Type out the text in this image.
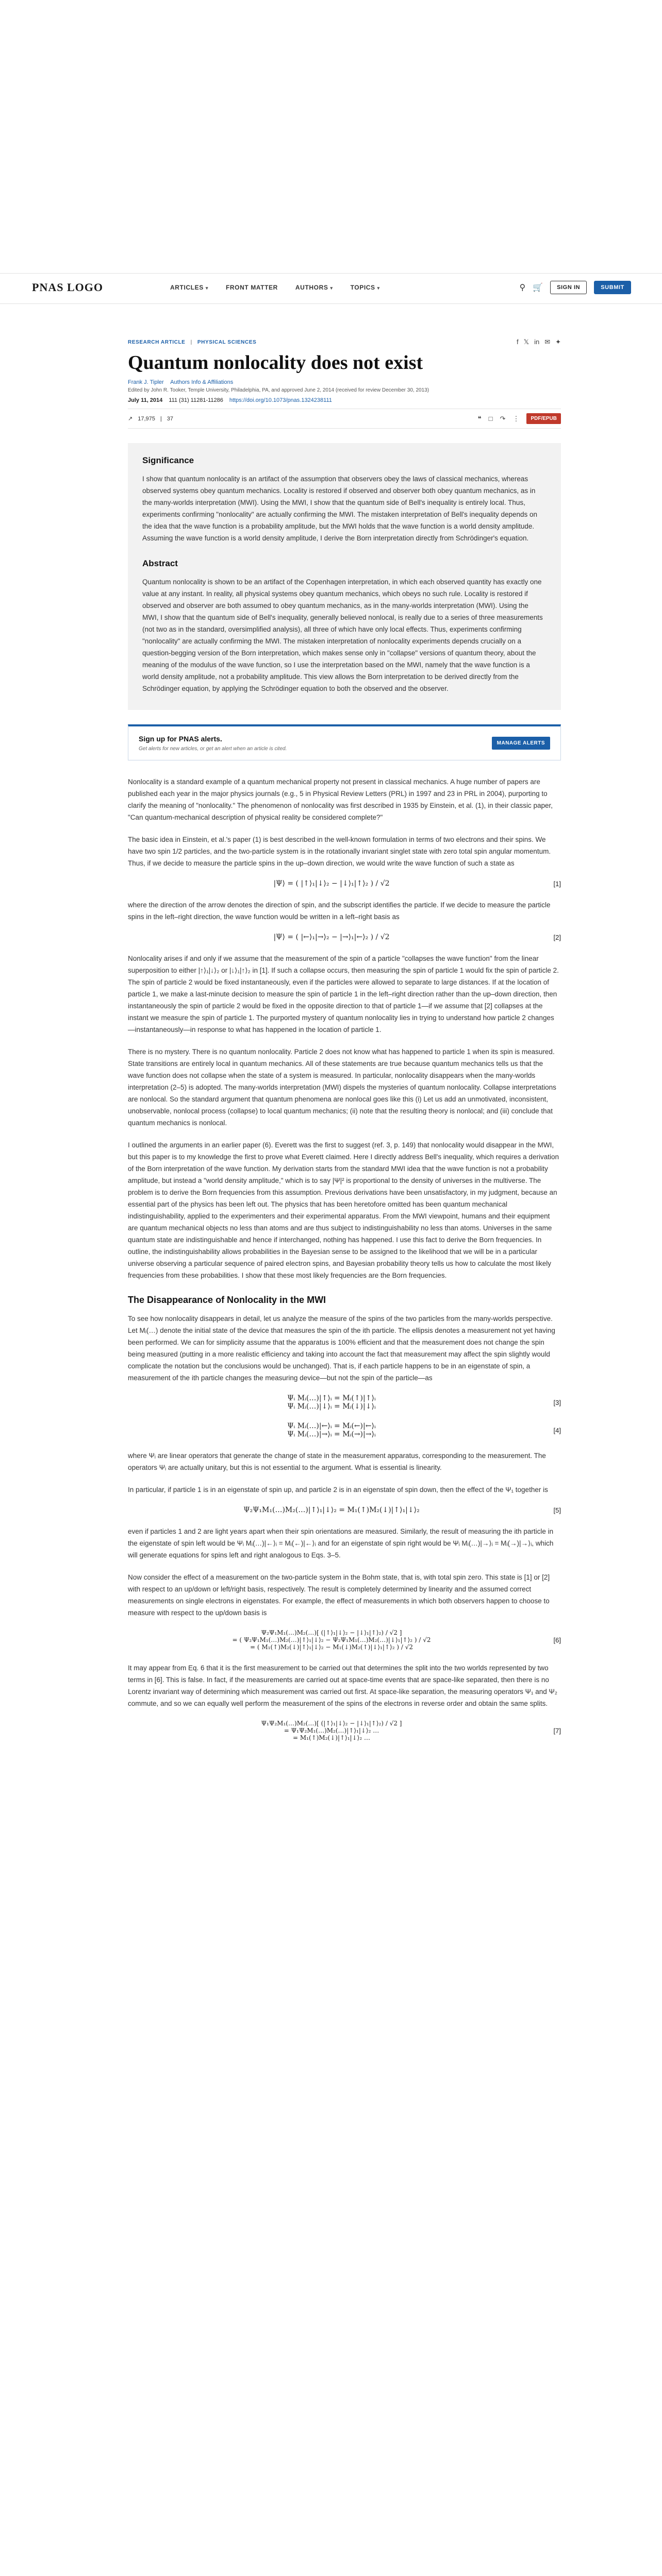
PNAS LOGO	ARTICLES ▾	FRONT MATTER	AUTHORS ▾	TOPICS ▾	⚲ 🛒	SIGN IN	SUBMIT
RESEARCH ARTICLE | PHYSICAL SCIENCES	f 𝕏 in ✉ ✦
Quantum nonlocality does not exist
Frank J. Tipler Authors Info & Affiliations
Edited by John R. Tooker, Temple University, Philadelphia, PA, and approved June 2, 2014 (received for review December 30, 2013)
July 11, 2014 111 (31) 11281-11286 https://doi.org/10.1073/pnas.1324238111
↗ 17,975 | 37	❝ □ ↷ ⋮	PDF/EPUB
Significance

I show that quantum nonlocality is an artifact of the assumption that observers obey the laws of classical mechanics, whereas observed systems obey quantum mechanics. Locality is restored if observed and observer both obey quantum mechanics, as in the many-worlds interpretation (MWI). Using the MWI, I show that the quantum side of Bell's inequality is entirely local. Thus, experiments confirming "nonlocality" are actually confirming the MWI. The mistaken interpretation of Bell's inequality depends on the idea that the wave function is a probability amplitude, but the MWI holds that the wave function is a world density amplitude. Assuming the wave function is a world density amplitude, I derive the Born interpretation directly from Schrödinger's equation.

Abstract

Quantum nonlocality is shown to be an artifact of the Copenhagen interpretation, in which each observed quantity has exactly one value at any instant. In reality, all physical systems obey quantum mechanics, which obeys no such rule. Locality is restored if observed and observer are both assumed to obey quantum mechanics, as in the many-worlds interpretation (MWI). Using the MWI, I show that the quantum side of Bell's inequality, generally believed nonlocal, is really due to a series of three measurements (not two as in the standard, oversimplified analysis), all three of which have only local effects. Thus, experiments confirming "nonlocality" are actually confirming the MWI. The mistaken interpretation of nonlocality experiments depends crucially on a question-begging version of the Born interpretation, which makes sense only in "collapse" versions of quantum theory, about the meaning of the modulus of the wave function, so I use the interpretation based on the MWI, namely that the wave function is a world density amplitude, not a probability amplitude. This view allows the Born interpretation to be derived directly from the Schrödinger equation, by applying the Schrödinger equation to both the observed and the observer.

Sign up for PNAS alerts.
Get alerts for new articles, or get an alert when an article is cited.
MANAGE ALERTS

Nonlocality is a standard example of a quantum mechanical property not present in classical mechanics. A huge number of papers are published each year in the major physics journals (e.g., 5 in Physical Review Letters (PRL) in 1997 and 23 in PRL in 2004), purporting to clarify the meaning of "nonlocality." The phenomenon of nonlocality was first described in 1935 by Einstein, et al. (1), in their classic paper, "Can quantum-mechanical description of physical reality be considered complete?"

The basic idea in Einstein, et al.'s paper (1) is best described in the well-known formulation in terms of two electrons and their spins. We have two spin 1/2 particles, and the two-particle system is in the rotationally invariant singlet state with zero total spin angular momentum. Thus, if we decide to measure the particle spins in the up–down direction, we would write the wave function of such a state as

|Ψ⟩ = ( |↑⟩₁|↓⟩₂ − |↓⟩₁|↑⟩₂ ) / √2	[1]

where the direction of the arrow denotes the direction of spin, and the subscript identifies the particle. If we decide to measure the particle spins in the left–right direction, the wave function would be written in a left–right basis as

|Ψ⟩ = ( |←⟩₁|→⟩₂ − |→⟩₁|←⟩₂ ) / √2	[2]

Nonlocality arises if and only if we assume that the measurement of the spin of a particle "collapses the wave function" from the linear superposition to either |↑⟩₁|↓⟩₂ or |↓⟩₁|↑⟩₂ in [1]. If such a collapse occurs, then measuring the spin of particle 1 would fix the spin of particle 2. The spin of particle 2 would be fixed instantaneously, even if the particles were allowed to separate to large distances. If at the location of particle 1, we make a last-minute decision to measure the spin of particle 1 in the left–right direction rather than the up–down direction, then instantaneously the spin of particle 2 would be fixed in the opposite direction to that of particle 1—if we assume that [2] collapses at the instant we measure the spin of particle 1. The purported mystery of quantum nonlocality lies in trying to understand how particle 2 changes—instantaneously—in response to what has happened in the location of particle 1.

There is no mystery. There is no quantum nonlocality. Particle 2 does not know what has happened to particle 1 when its spin is measured. State transitions are entirely local in quantum mechanics. All of these statements are true because quantum mechanics tells us that the wave function does not collapse when the state of a system is measured. In particular, nonlocality disappears when the many-worlds interpretation (2–5) is adopted. The many-worlds interpretation (MWI) dispels the mysteries of quantum nonlocality. Collapse interpretations are nonlocal. So the standard argument that quantum phenomena are nonlocal goes like this (i) Let us add an unmotivated, inconsistent, unobservable, nonlocal process (collapse) to local quantum mechanics; (ii) note that the resulting theory is nonlocal; and (iii) conclude that quantum mechanics is nonlocal.

I outlined the arguments in an earlier paper (6). Everett was the first to suggest (ref. 3, p. 149) that nonlocality would disappear in the MWI, but this paper is to my knowledge the first to prove what Everett claimed. Here I directly address Bell's inequality, which requires a derivation of the Born interpretation of the wave function. My derivation starts from the standard MWI idea that the wave function is not a probability amplitude, but instead a "world density amplitude," which is to say |Ψ|² is proportional to the density of universes in the multiverse. The problem is to derive the Born frequencies from this assumption. Previous derivations have been unsatisfactory, in my judgment, because an essential part of the physics has been left out. The physics that has been heretofore omitted has been quantum mechanical indistinguishability, applied to the experimenters and their experimental apparatus. From the MWI viewpoint, humans and their equipment are quantum mechanical objects no less than atoms and are thus subject to indistinguishability no less than atoms. Universes in the same quantum state are indistinguishable and hence if interchanged, nothing has happened. I use this fact to derive the Born frequencies. In outline, the indistinguishability allows probabilities in the Bayesian sense to be assigned to the likelihood that we will be in a particular universe observing a particular sequence of paired electron spins, and Bayesian probability theory tells us how to calculate the most likely frequencies from these probabilities. I show that these most likely frequencies are the Born frequencies.

The Disappearance of Nonlocality in the MWI

To see how nonlocality disappears in detail, let us analyze the measure of the spins of the two particles from the many-worlds perspective. Let Mᵢ(…) denote the initial state of the device that measures the spin of the ith particle. The ellipsis denotes a measurement not yet having been performed. We can for simplicity assume that the apparatus is 100% efficient and that the measurement does not change the spin being measured (putting in a more realistic efficiency and taking into account the fact that measurement may affect the spin slightly would complicate the notation but the conclusions would be unchanged). That is, if each particle happens to be in an eigenstate of spin, a measurement of the ith particle changes the measuring device—but not the spin of the particle—as

Ψᵢ Mᵢ(…)|↑⟩ᵢ = Mᵢ(↑)|↑⟩ᵢ
Ψᵢ Mᵢ(…)|↓⟩ᵢ = Mᵢ(↓)|↓⟩ᵢ	[3]
Ψᵢ Mᵢ(…)|←⟩ᵢ = Mᵢ(←)|←⟩ᵢ
Ψᵢ Mᵢ(…)|→⟩ᵢ = Mᵢ(→)|→⟩ᵢ	[4]

where Ψᵢ are linear operators that generate the change of state in the measurement apparatus, corresponding to the measurement. The operators Ψᵢ are actually unitary, but this is not essential to the argument. What is essential is linearity.

In particular, if particle 1 is in an eigenstate of spin up, and particle 2 is in an eigenstate of spin down, then the effect of the Ψ₁ together is

Ψ₂Ψ₁M₁(…)M₂(…)|↑⟩₁|↓⟩₂ = M₁(↑)M₂(↓)|↑⟩₁|↓⟩₂	[5]

even if particles 1 and 2 are light years apart when their spin orientations are measured. Similarly, the result of measuring the ith particle in the eigenstate of spin left would be Ψᵢ Mᵢ(…)|←⟩ᵢ = Mᵢ(←)|←⟩ᵢ and for an eigenstate of spin right would be Ψᵢ Mᵢ(…)|→⟩ᵢ = Mᵢ(→)|→⟩ᵢ, which will generate equations for spins left and right analogous to Eqs. 3–5.

Now consider the effect of a measurement on the two-particle system in the Bohm state, that is, with total spin zero. This state is [1] or [2] with respect to an up/down or left/right basis, respectively. The result is completely determined by linearity and the assumed correct measurements on single electrons in eigenstates. For example, the effect of measurements in which both observers happen to choose to measure with respect to the up/down basis is

Ψ₂Ψ₁M₁(…)M₂(…)[ (|↑⟩₁|↓⟩₂ − |↓⟩₁|↑⟩₂) / √2 ]
= ( Ψ₂Ψ₁M₁(…)M₂(…)|↑⟩₁|↓⟩₂ − Ψ₂Ψ₁M₁(…)M₂(…)|↓⟩₁|↑⟩₂ ) / √2
= ( M₁(↑)M₂(↓)|↑⟩₁|↓⟩₂ − M₁(↓)M₂(↑)|↓⟩₁|↑⟩₂ ) / √2
[6]

It may appear from Eq. 6 that it is the first measurement to be carried out that determines the split into the two worlds represented by two terms in [6]. This is false. In fact, if the measurements are carried out at space-time events that are space-like separated, then there is no Lorentz invariant way of determining which measurement was carried out first. At space-like separation, the measuring operators Ψ₁ and Ψ₂ commute, and so we can equally well perform the measurement of the spins of the electrons in reverse order and obtain the same splits.

Ψ₁Ψ₂M₁(…)M₂(…)[ (|↑⟩₁|↓⟩₂ − |↓⟩₁|↑⟩₂) / √2 ]
= Ψ₁Ψ₂M₁(…)M₂(…)|↑⟩₁|↓⟩₂ …
= M₁(↑)M₂(↓)|↑⟩₁|↓⟩₂ …
[7]
